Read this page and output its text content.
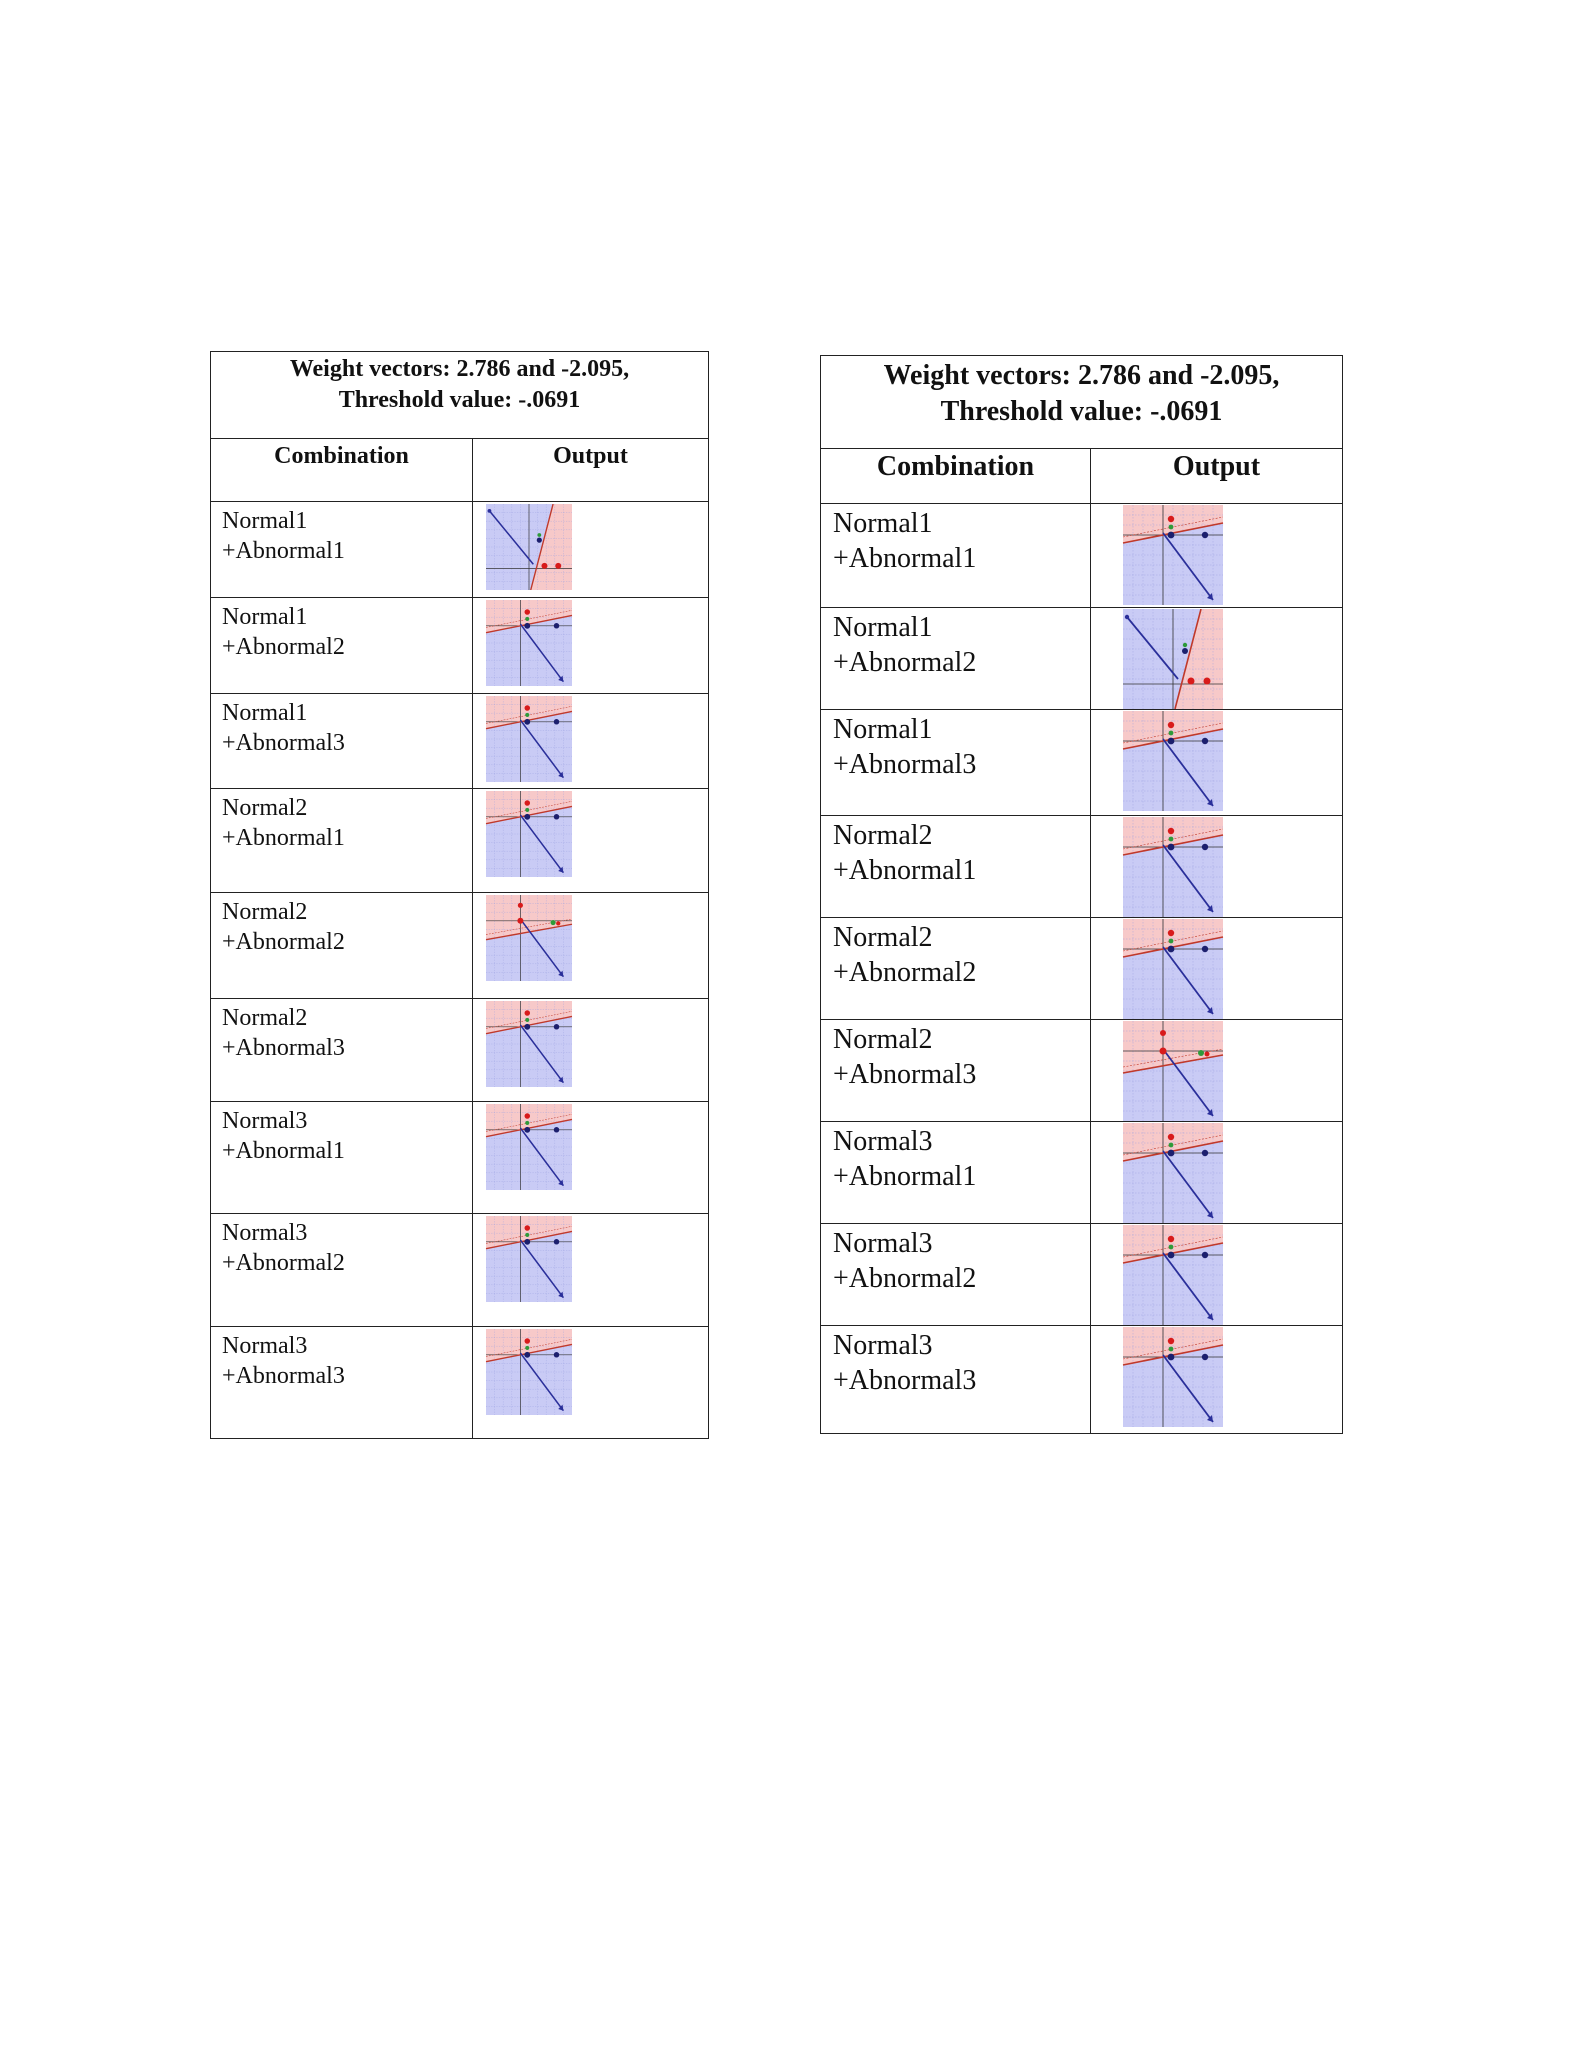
Weight vectors: 2.786 and -2.095,
Threshold value: -.0691	

Combination	Output

Normal1
+Abnormal1

Normal1
+Abnormal2

Normal1
+Abnormal3

Normal2
+Abnormal1

Normal2
+Abnormal2

Normal2
+Abnormal3

Normal3
+Abnormal1

Normal3
+Abnormal2

Normal3
+Abnormal3

Weight vectors: 2.786 and -2.095,
Threshold value: -.0691	

Combination	Output

Normal1
+Abnormal1

Normal1
+Abnormal2

Normal1
+Abnormal3

Normal2
+Abnormal1

Normal2
+Abnormal2

Normal2
+Abnormal3

Normal3
+Abnormal1

Normal3
+Abnormal2

Normal3
+Abnormal3
